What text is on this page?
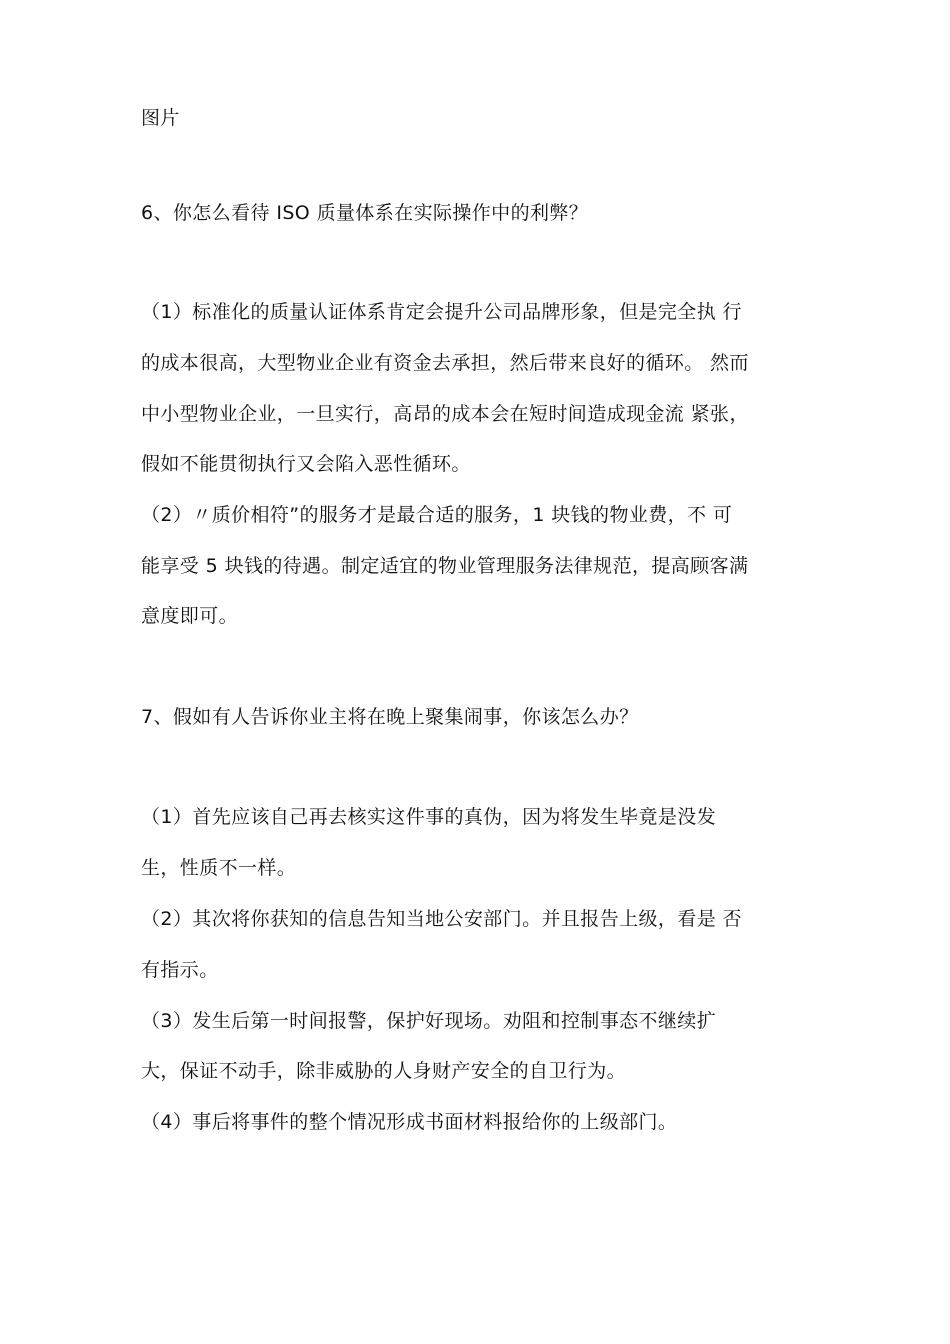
图片
6、你怎么看待 ISO 质量体系在实际操作中的利弊？
（1）标准化的质量认证体系肯定会提升公司品牌形象，但是完全执 行
的成本很高，大型物业企业有资金去承担，然后带来良好的循环。 然而
中小型物业企业，一旦实行，高昂的成本会在短时间造成现金流 紧张，
假如不能贯彻执行又会陷入恶性循环。
（2）〃质价相符”的服务才是最合适的服务，1 块钱的物业费，不 可
能享受 5 块钱的待遇。制定适宜的物业管理服务法律规范，提高顾客满
意度即可。
7、假如有人告诉你业主将在晚上聚集闹事，你该怎么办？
（1）首先应该自己再去核实这件事的真伪，因为将发生毕竟是没发
生，性质不一样。
（2）其次将你获知的信息告知当地公安部门。并且报告上级，看是 否
有指示。
（3）发生后第一时间报警，保护好现场。劝阻和控制事态不继续扩
大，保证不动手，除非威胁的人身财产安全的自卫行为。
（4）事后将事件的整个情况形成书面材料报给你的上级部门。
